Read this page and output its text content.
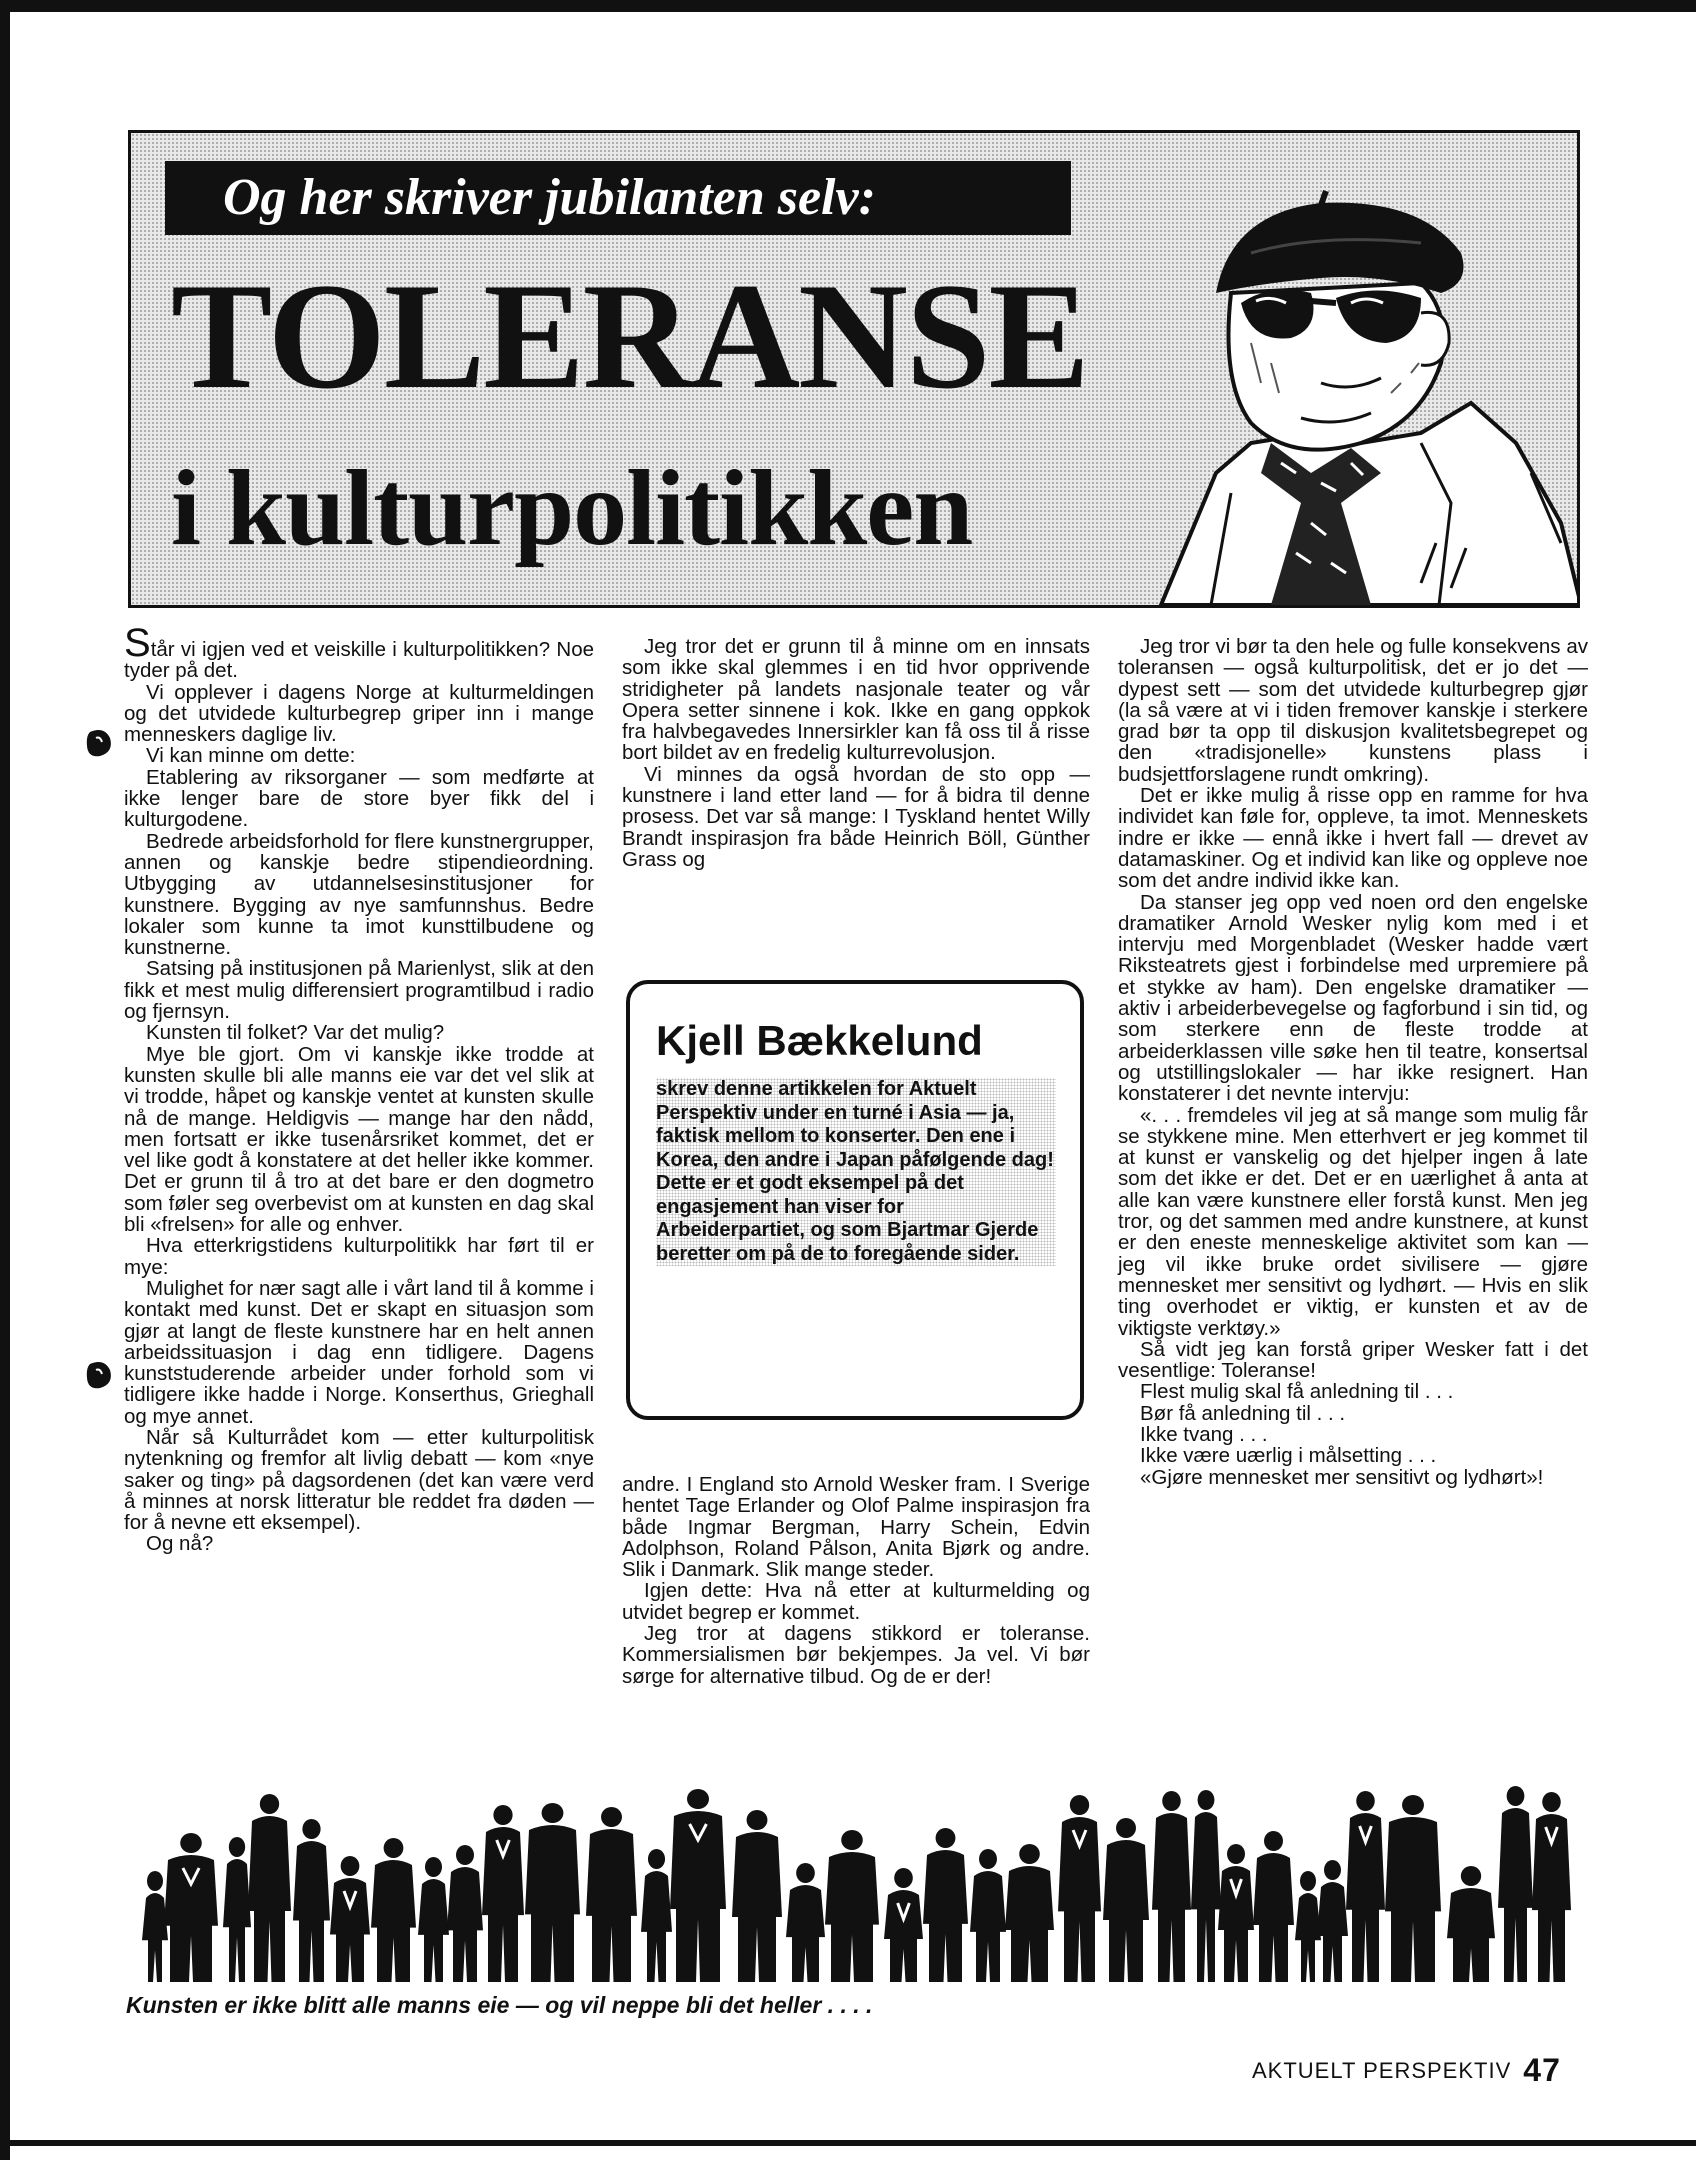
Og her skriver jubilanten selv:
TOLERANSE
i kulturpolitikken

Står vi igjen ved et veiskille i kulturpolitikken? Noe tyder på det.

Vi opplever i dagens Norge at kulturmeldingen og det utvidede kulturbegrep griper inn i mange menneskers daglige liv.

Vi kan minne om dette:

Etablering av riksorganer — som medførte at ikke lenger bare de store byer fikk del i kulturgodene.

Bedrede arbeidsforhold for flere kunstnergrupper, annen og kanskje bedre stipendieordning. Utbygging av utdannelsesinstitusjoner for kunstnere. Bygging av nye samfunnshus. Bedre lokaler som kunne ta imot kunsttilbudene og kunstnerne.

Satsing på institusjonen på Marienlyst, slik at den fikk et mest mulig differensiert programtilbud i radio og fjernsyn.

Kunsten til folket? Var det mulig?

Mye ble gjort. Om vi kanskje ikke trodde at kunsten skulle bli alle manns eie var det vel slik at vi trodde, håpet og kanskje ventet at kunsten skulle nå de mange. Heldigvis — mange har den nådd, men fortsatt er ikke tusenårsriket kommet, det er vel like godt å konstatere at det heller ikke kommer. Det er grunn til å tro at det bare er den dogmetro som føler seg overbevist om at kunsten en dag skal bli «frelsen» for alle og enhver.

Hva etterkrigstidens kulturpolitikk har ført til er mye:

Mulighet for nær sagt alle i vårt land til å komme i kontakt med kunst. Det er skapt en situasjon som gjør at langt de fleste kunstnere har en helt annen arbeidssituasjon i dag enn tidligere. Dagens kunststuderende arbeider under forhold som vi tidligere ikke hadde i Norge. Konserthus, Grieghall og mye annet.

Når så Kulturrådet kom — etter kulturpolitisk nytenkning og fremfor alt livlig debatt — kom «nye saker og ting» på dagsordenen (det kan være verd å minnes at norsk litteratur ble reddet fra døden — for å nevne ett eksempel).

Og nå?

Jeg tror det er grunn til å minne om en innsats som ikke skal glemmes i en tid hvor opprivende stridigheter på landets nasjonale teater og vår Opera setter sinnene i kok. Ikke en gang oppkok fra halvbegavedes Innersirkler kan få oss til å risse bort bildet av en fredelig kulturrevolusjon.

Vi minnes da også hvordan de sto opp — kunstnere i land etter land — for å bidra til denne prosess. Det var så mange: I Tyskland hentet Willy Brandt inspirasjon fra både Heinrich Böll, Günther Grass og

Kjell Bækkelund

skrev denne artikkelen for Aktuelt Perspektiv under en turné i Asia — ja, faktisk mellom to konserter. Den ene i Korea, den andre i Japan påfølgende dag! Dette er et godt eksempel på det engasjement han viser for Arbeiderpartiet, og som Bjartmar Gjerde beretter om på de to foregående sider.

andre. I England sto Arnold Wesker fram. I Sverige hentet Tage Erlander og Olof Palme inspirasjon fra både Ingmar Bergman, Harry Schein, Edvin Adolphson, Roland Pålson, Anita Bjørk og andre. Slik i Danmark. Slik mange steder.

Igjen dette: Hva nå etter at kulturmelding og utvidet begrep er kommet.

Jeg tror at dagens stikkord er toleranse. Kommersialismen bør bekjempes. Ja vel. Vi bør sørge for alternative tilbud. Og de er der!

Jeg tror vi bør ta den hele og fulle konsekvens av toleransen — også kulturpolitisk, det er jo det — dypest sett — som det utvidede kulturbegrep gjør (la så være at vi i tiden fremover kanskje i sterkere grad bør ta opp til diskusjon kvalitetsbegrepet og den «tradisjonelle» kunstens plass i budsjettforslagene rundt omkring).

Det er ikke mulig å risse opp en ramme for hva individet kan føle for, oppleve, ta imot. Menneskets indre er ikke — ennå ikke i hvert fall — drevet av datamaskiner. Og et individ kan like og oppleve noe som det andre individ ikke kan.

Da stanser jeg opp ved noen ord den engelske dramatiker Arnold Wesker nylig kom med i et intervju med Morgenbladet (Wesker hadde vært Riksteatrets gjest i forbindelse med urpremiere på et stykke av ham). Den engelske dramatiker — aktiv i arbeiderbevegelse og fagforbund i sin tid, og som sterkere enn de fleste trodde at arbeiderklassen ville søke hen til teatre, konsertsal og utstillingslokaler — har ikke resignert. Han konstaterer i det nevnte intervju:

«. . . fremdeles vil jeg at så mange som mulig får se stykkene mine. Men etterhvert er jeg kommet til at kunst er vanskelig og det hjelper ingen å late som det ikke er det. Det er en uærlighet å anta at alle kan være kunstnere eller forstå kunst. Men jeg tror, og det sammen med andre kunstnere, at kunst er den eneste menneskelige aktivitet som kan — jeg vil ikke bruke ordet sivilisere — gjøre mennesket mer sensitivt og lydhørt. — Hvis en slik ting overhodet er viktig, er kunsten et av de viktigste verktøy.»

Så vidt jeg kan forstå griper Wesker fatt i det vesentlige: Toleranse!

Flest mulig skal få anledning til . . .

Bør få anledning til . . .

Ikke tvang . . .

Ikke være uærlig i målsetting . . .

«Gjøre mennesket mer sensitivt og lydhørt»!

Kunsten er ikke blitt alle manns eie — og vil neppe bli det heller . . . .
AKTUELT PERSPEKTIV 47
